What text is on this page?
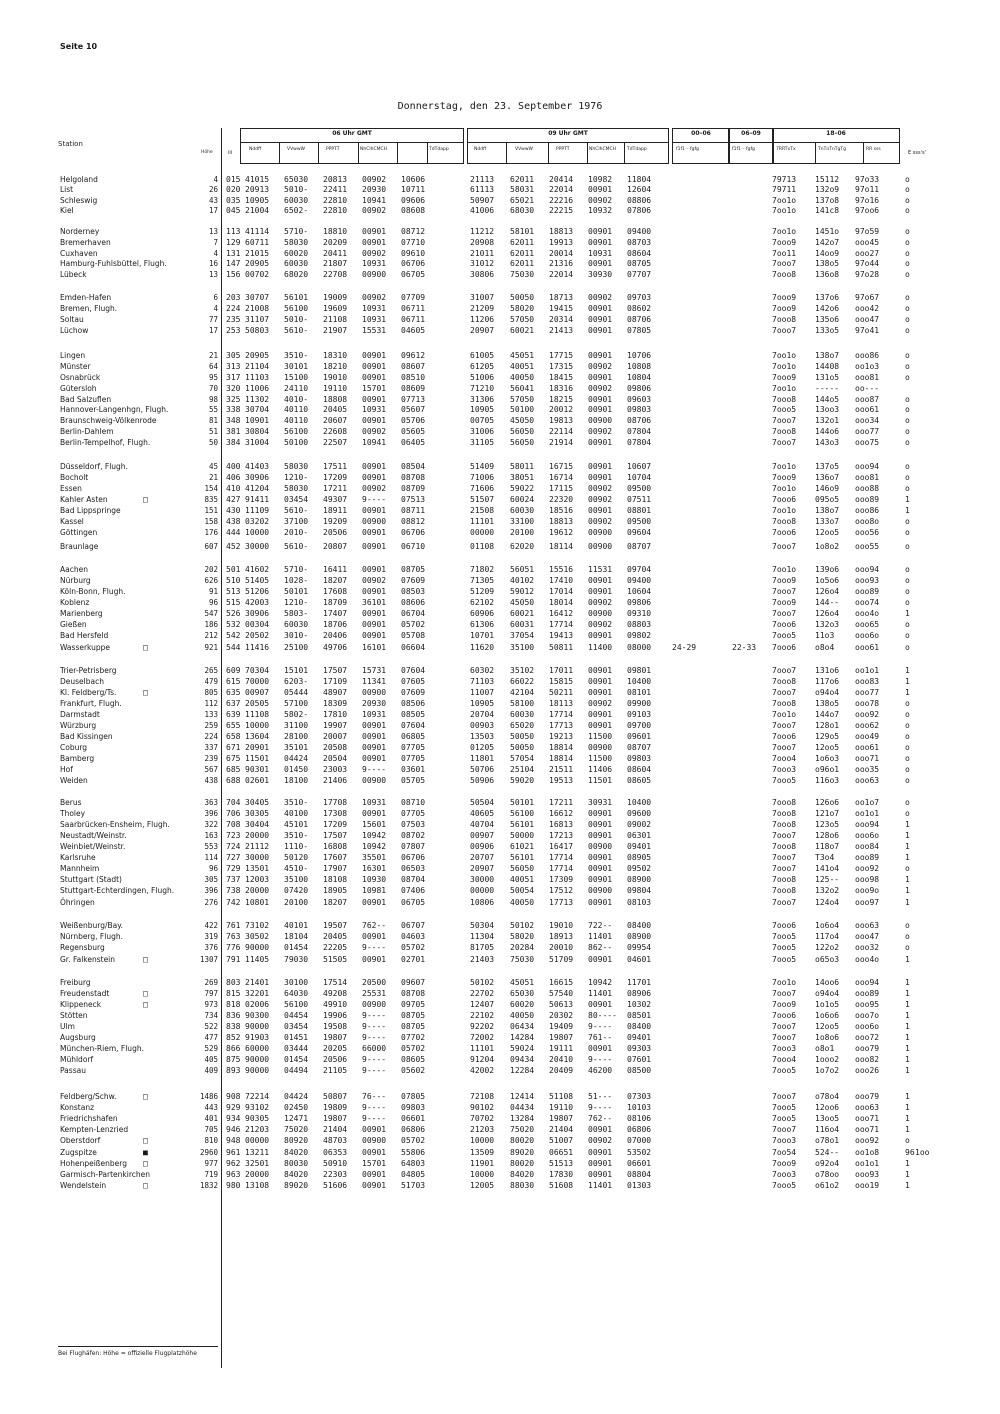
Seite 10
Donnerstag, den 23. September 1976
Station
Höhe	iii
06 Uhr GMT
Nddff	VVwwW	PPPTT	NhClhCMCH	TdTdapp
09 Uhr GMT
Nddff	VVwwW	PPPTT	NhClhCMCH TdTdapp
00–06
f1f1 – fgfg
06–09
f1f1 – fgfg
18–06
7RRTxTx	TnTnTnTgTg	RR sss
E sss's'
Helgoland	4 015 41015 65030 20813 00902 10606	21113 62011 20414 10982 11804	79713 15112 97o33	o
List	26 020 20913 5010- 22411 20930 10711	61113 58031 22014 00901 12604	79711 132o9 97o11	o
Schleswig	43 035 10905 60030 22810 10941 09606	50907 65021 22216 00902 08806	7oo1o 137o8 97o16	o
Kiel	17 045 21004 6502- 22810 00902 08608	41006 68030 22215 10932 07806	7oo1o 141c8 97oo6	o
Norderney	13 113 41114 5710- 18810 00901 08712	11212 58101 18813 00901 09400	7oo1o 1451o 97o59	o
Bremerhaven	7 129 60711 58030 20209 00901 07710	20908 62011 19913 00901 08703	7ooo9 142o7 ooo45	o
Cuxhaven	4 131 21015 60020 20411 00902 09610	21011 62011 20014 10931 08604	7oo11 14oo9 ooo27	o
Hamburg-Fuhlsbüttel, Flugh.	16 147 20905 60030 21807 10931 06706	31012 62011 21316 00901 08705	7ooo7 138o5 97o44	o
Lübeck	13 156 00702 68020 22708 00900 06705	30806 75030 22014 30930 07707	7ooo8 136o8 97o28	o
Emden-Hafen	6 203 30707 56101 19009 00902 07709	31007 50050 18713 00902 09703	7ooo9 137o6 97o67	o
Bremen, Flugh.	4 224 21008 56100 19609 10931 06711	21209 58020 19415 00901 08602	7ooo9 142o6 ooo42	o
Soltau	77 235 31107 5010- 21108 10931 06711	11206 57050 20314 00901 08706	7ooo8 135o6 ooo47	o
Lüchow	17 253 50803 5610- 21907 15531 04605	20907 60021 21413 00901 07805	7ooo7 133o5 97o41	o
Lingen	21 305 20905 3510- 18310 00901 09612	61005 45051 17715 00901 10706	7oo1o 138o7 ooo86	o
Münster	64 313 21104 30101 18210 00901 08607	61205 40051 17315 00902 10808	7oo1o 14408 oo1o3	o
Osnabrück	95 317 11103 15100 19010 00901 08510	51006 40050 18415 00901 10804	7ooo9 131o5 ooo81	o
Gütersloh	70 320 11006 24110 19110 15701 08609	71210 56041 18316 00902 09806	7oo1o ----- oo---
Bad Salzuflen	98 325 11302 4010- 18808 00901 07713	31306 57050 18215 00901 09603	7ooo8 144o5 ooo87	o
Hannover-Langenhgn, Flugh.	55 338 30704 40110 20405 10931 05607	10905 50100 20012 00901 09803	7ooo5 13oo3 ooo61	o
Braunschweig-Völkenrode	81 348 10901 40110 20607 00901 05706	00705 45050 19813 00900 08706	7ooo7 132o1 ooo34	o
Berlin-Dahlem	51 381 30804 56100 22608 00902 05605	31006 56050 22114 00902 07804	7ooo8 144o6 ooo77	o
Berlin-Tempelhof, Flugh.	50 384 31004 50100 22507 10941 06405	31105 56050 21914 00901 07804	7ooo7 143o3 ooo75	o
Düsseldorf, Flugh.	45 400 41403 58030 17511 00901 08504	51409 58011 16715 00901 10607	7oo1o 137o5 ooo94	o
Bocholt	21 406 30906 1210- 17209 00901 08708	71006 38051 16714 00901 10704	7ooo9 136o7 ooo81	o
Essen	154 410 41204 58030 17211 00902 08709	71606 59022 17115 00902 09500	7oo1o 146o9 ooo88	o
Kahler Asten	□	835 427 91411 03454 49307 9---- 07513	51507 60024 22320 00902 07511	7ooo6 095o5 ooo89	1
Bad Lippspringe	151 430 11109 5610- 18911 00901 08711	21508 60030 18516 00901 08801	7oo1o 138o7 ooo86	1
Kassel	158 438 03202 37100 19209 00900 08812	11101 33100 18813 00902 09500	7ooo8 133o7 ooo8o	o
Göttingen	176 444 10000 2010- 20506 00901 06706	00000 20100 19612 00900 09604	7ooo6 12oo5 ooo56	o
Braunlage	607 452 30000 5610- 20807 00901 06710	01108 62020 18114 00900 08707	7ooo7 1o8o2 ooo55	o
Aachen	202 501 41602 5710- 16411 00901 08705	71802 56051 15516 11531 09704	7oo1o 139o6 ooo94	o
Nürburg	626 510 51405 1028- 18207 00902 07609	71305 40102 17410 00901 09400	7ooo9 1o5o6 ooo93	o
Köln-Bonn, Flugh.	91 513 51206 50101 17608 00901 08503	51209 59012 17014 00901 10604	7ooo7 126o4 ooo89	o
Koblenz	96 515 42003 1210- 18709 36101 08606	62102 45050 18014 00902 09806	7ooo9 144-- ooo74	o
Marienberg	547 526 30906 5803- 17407 00901 06704	60906 60021 16412 00900 09310	7ooo7 126o4 ooo4o	1
Gießen	186 532 00304 60030 18706 00901 05702	61306 60031 17714 00902 08803	7ooo6 132o3 ooo65	o
Bad Hersfeld	212 542 20502 3010- 20406 00901 05708	10701 37054 19413 00901 09802	7ooo5 11o3	ooo6o	o
Wasserkuppe	□	921 544 11416 25100 49706 16101 06604	11620 35100 50811 11400 08000	24-29	22-33 7ooo6 o8o4	ooo61	o
Trier-Petrisberg	265 609 70304 15101 17507 15731 07604	60302 35102 17011 00901 09801	7ooo7 131o6 oo1o1	1
Deuselbach	479 615 70000 6203- 17109 11341 07605	71103 66022 15815 00901 10400	7ooo8 117o6 ooo83	1
Kl. Feldberg/Ts.	□	805 635 00907 05444 48907 00900 07609	11007 42104 50211 00901 08101	7ooo7 o94o4 ooo77	1
Frankfurt, Flugh.	112 637 20505 57100 18309 20930 08506	10905 58100 18113 00902 09900	7ooo8 138o5 ooo78	o
Darmstadt	133 639 11108 5802- 17810 10931 08505	20704 60030 17714 00901 09103	7oo1o 144o7 ooo92	o
Würzburg	259 655 10000 31100 19907 00901 07604	00903 65020 17713 00901 09700	7ooo7 128o1 ooo62	o
Bad Kissingen	224 658 13604 28100 20007 00901 06805	13503 50050 19213 11500 09601	7ooo6 129o5 ooo49	o
Coburg	337 671 20901 35101 20508 00901 07705	01205 50050 18814 00900 08707	7ooo7 12oo5 ooo61	o
Bamberg	239 675 11501 04424 20504 00901 07705	11801 57054 18814 11500 09803	7ooo4 1o6o3 ooo71	o
Hof	567 685 90301 01450 23003 9---- 03601	50706 25104 21511 11406 08604	7ooo3 o96o1 ooo35	o
Weiden	438 688 02601 18100 21406 00900 05705	50906 59020 19513 11501 08605	7ooo5 116o3 ooo63	o
Berus	363 704 30405 3510- 17708 10931 08710	50504 50101 17211 30931 10400	7ooo8 126o6 oo1o7	o
Tholey	396 706 30305 40100 17308 00901 07705	40605 56100 16612 00901 09600	7ooo8 121o7 oo1o1	o
Saarbrücken-Ensheim, Flugh.	322 708 30404 45101 17209 15601 07503	40704 56101 16813 00901 09002	7ooo8 123o5 ooo94	1
Neustadt/Weinstr.	163 723 20000 3510- 17507 10942 08702	00907 50000 17213 00901 06301	7ooo7 128o6 ooo6o	1
Weinbiet/Weinstr.	553 724 21112 1110- 16808 10942 07807	00906 61021 16417 00900 09401	7ooo8 118o7 ooo84	1
Karlsruhe	114 727 30000 50120 17607 35501 06706	20707 56101 17714 00901 08905	7ooo7 T3o4	ooo89	1
Mannheim	96 729 13501 4510- 17907 16301 06503	20907 56050 17714 00901 09502	7ooo7 141o4 ooo92	o
Stuttgart (Stadt)	305 737 12003 35100 18108 10930 08704	30000 40051 17309 00901 08900	7ooo8 125-- ooo98	1
Stuttgart-Echterdingen, Flugh.	396 738 20000 07420 18905 10981 07406	00000 50054 17512 00900 09804	7ooo8 132o2 ooo9o	1
Öhringen	276 742 10801 20100 18207 00901 06705	10806 40050 17713 00901 08103	7ooo7 124o4 ooo97	1
Weißenburg/Bay.	422 761 73102 40101 19507 762-- 06707	50304 50102 19010 722-- 08400	7ooo6 1o6o4 ooo63	o
Nürnberg, Flugh.	319 763 30502 18104 20405 00901 04603	11304 58020 18913 11401 08900	7ooo5 117o4 ooo47	o
Regensburg	376 776 90000 01454 22205 9---- 05702	81705 20284 20010 862-- 09954	7ooo5 122o2 ooo32	o
Gr. Falkenstein	□	1307 791 11405 79030 51505 00901 02701	21403 75030 51709 00901 04601	7ooo5 o65o3 ooo4o	1
Freiburg	269 803 21401 30100 17514 20500 09607	50102 45051 16615 10942 11701	7oo1o 14oo6 ooo94	1
Freudenstadt	□	797 815 32201 64030 49208 25531 08708	22702 65030 57540 11401 08906	7ooo7 o94o4 ooo89	1
Klippeneck	□	973 818 02006 56100 49910 00900 09705	12407 60020 50613 00901 10302	7ooo9 1o1o5 ooo95	1
Stötten	734 836 90300 04454 19906 9---- 08705	22102 40050 20302 80---- 08501	7ooo6 1o6o6 ooo7o	1
Ulm	522 838 90000 03454 19508 9---- 08705	92202 06434 19409 9---- 08400	7ooo7 12oo5 ooo6o	1
Augsburg	477 852 91903 01451 19807 9---- 07702	72002 14284 19807 761-- 09401	7ooo7 1o8o6 ooo72	1
München-Riem, Flugh.	529 866 60000 03444 20205 66000 05702	11101 59024 19111 00901 09303	7ooo3 o8o1	ooo79	1
Mühldorf	405 875 90000 01454 20506 9---- 08605	91204 09434 20410 9---- 07601	7ooo4 1ooo2 ooo82	1
Passau	409 893 90000 04494 21105 9---- 05602	42002 12284 20409 46200 08500	7ooo5 1o7o2 ooo26	1
Feldberg/Schw.	□	1486 908 72214 04424 50807 76--- 07805	72108 12414 51108 51--- 07303	7ooo7 o78o4 ooo79	1
Konstanz	443 929 93102 02450 19809 9---- 09803	90102 04434 19110 9---- 10103	7ooo5 12oo6 ooo63	1
Friedrichshafen	401 934 90305 12471 19807 9---- 06601	70702 13284 19807 762-- 08106	7ooo5 13oo5 ooo71	1
Kempten-Lenzried	705 946 21203 75020 21404 00901 06806	21203 75020 21404 00901 06806	7ooo7 116o4 ooo71	1
Oberstdorf	□	810 948 00000 80920 48703 00900 05702	10000 80020 51007 00902 07000	7ooo3 o78o1 ooo92	o
Zugspitze	■	2960 961 13211 84020 06353 00901 55806	13509 89020 06651 00901 53502	7oo54 524-- oo1o8	96 1oo
Hohenpeißenberg □	977 962 32501 80030 50910 15701 64803	11901 80020 51513 00901 06601	7ooo9 o92o4 oo1o1	1
Garmisch-Partenkirchen	719 963 20000 84020 22303 00901 04805	10000 84020 17830 00901 08804	7ooo3 o78oo ooo93	1
Wendelstein	□	1832 980 13108 89020 51606 00901 51703	12005 88030 51608 11401 01303	7ooo5 o61o2 ooo19	1
Bei Flughäfen: Höhe = offizielle Flugplatzhöhe
